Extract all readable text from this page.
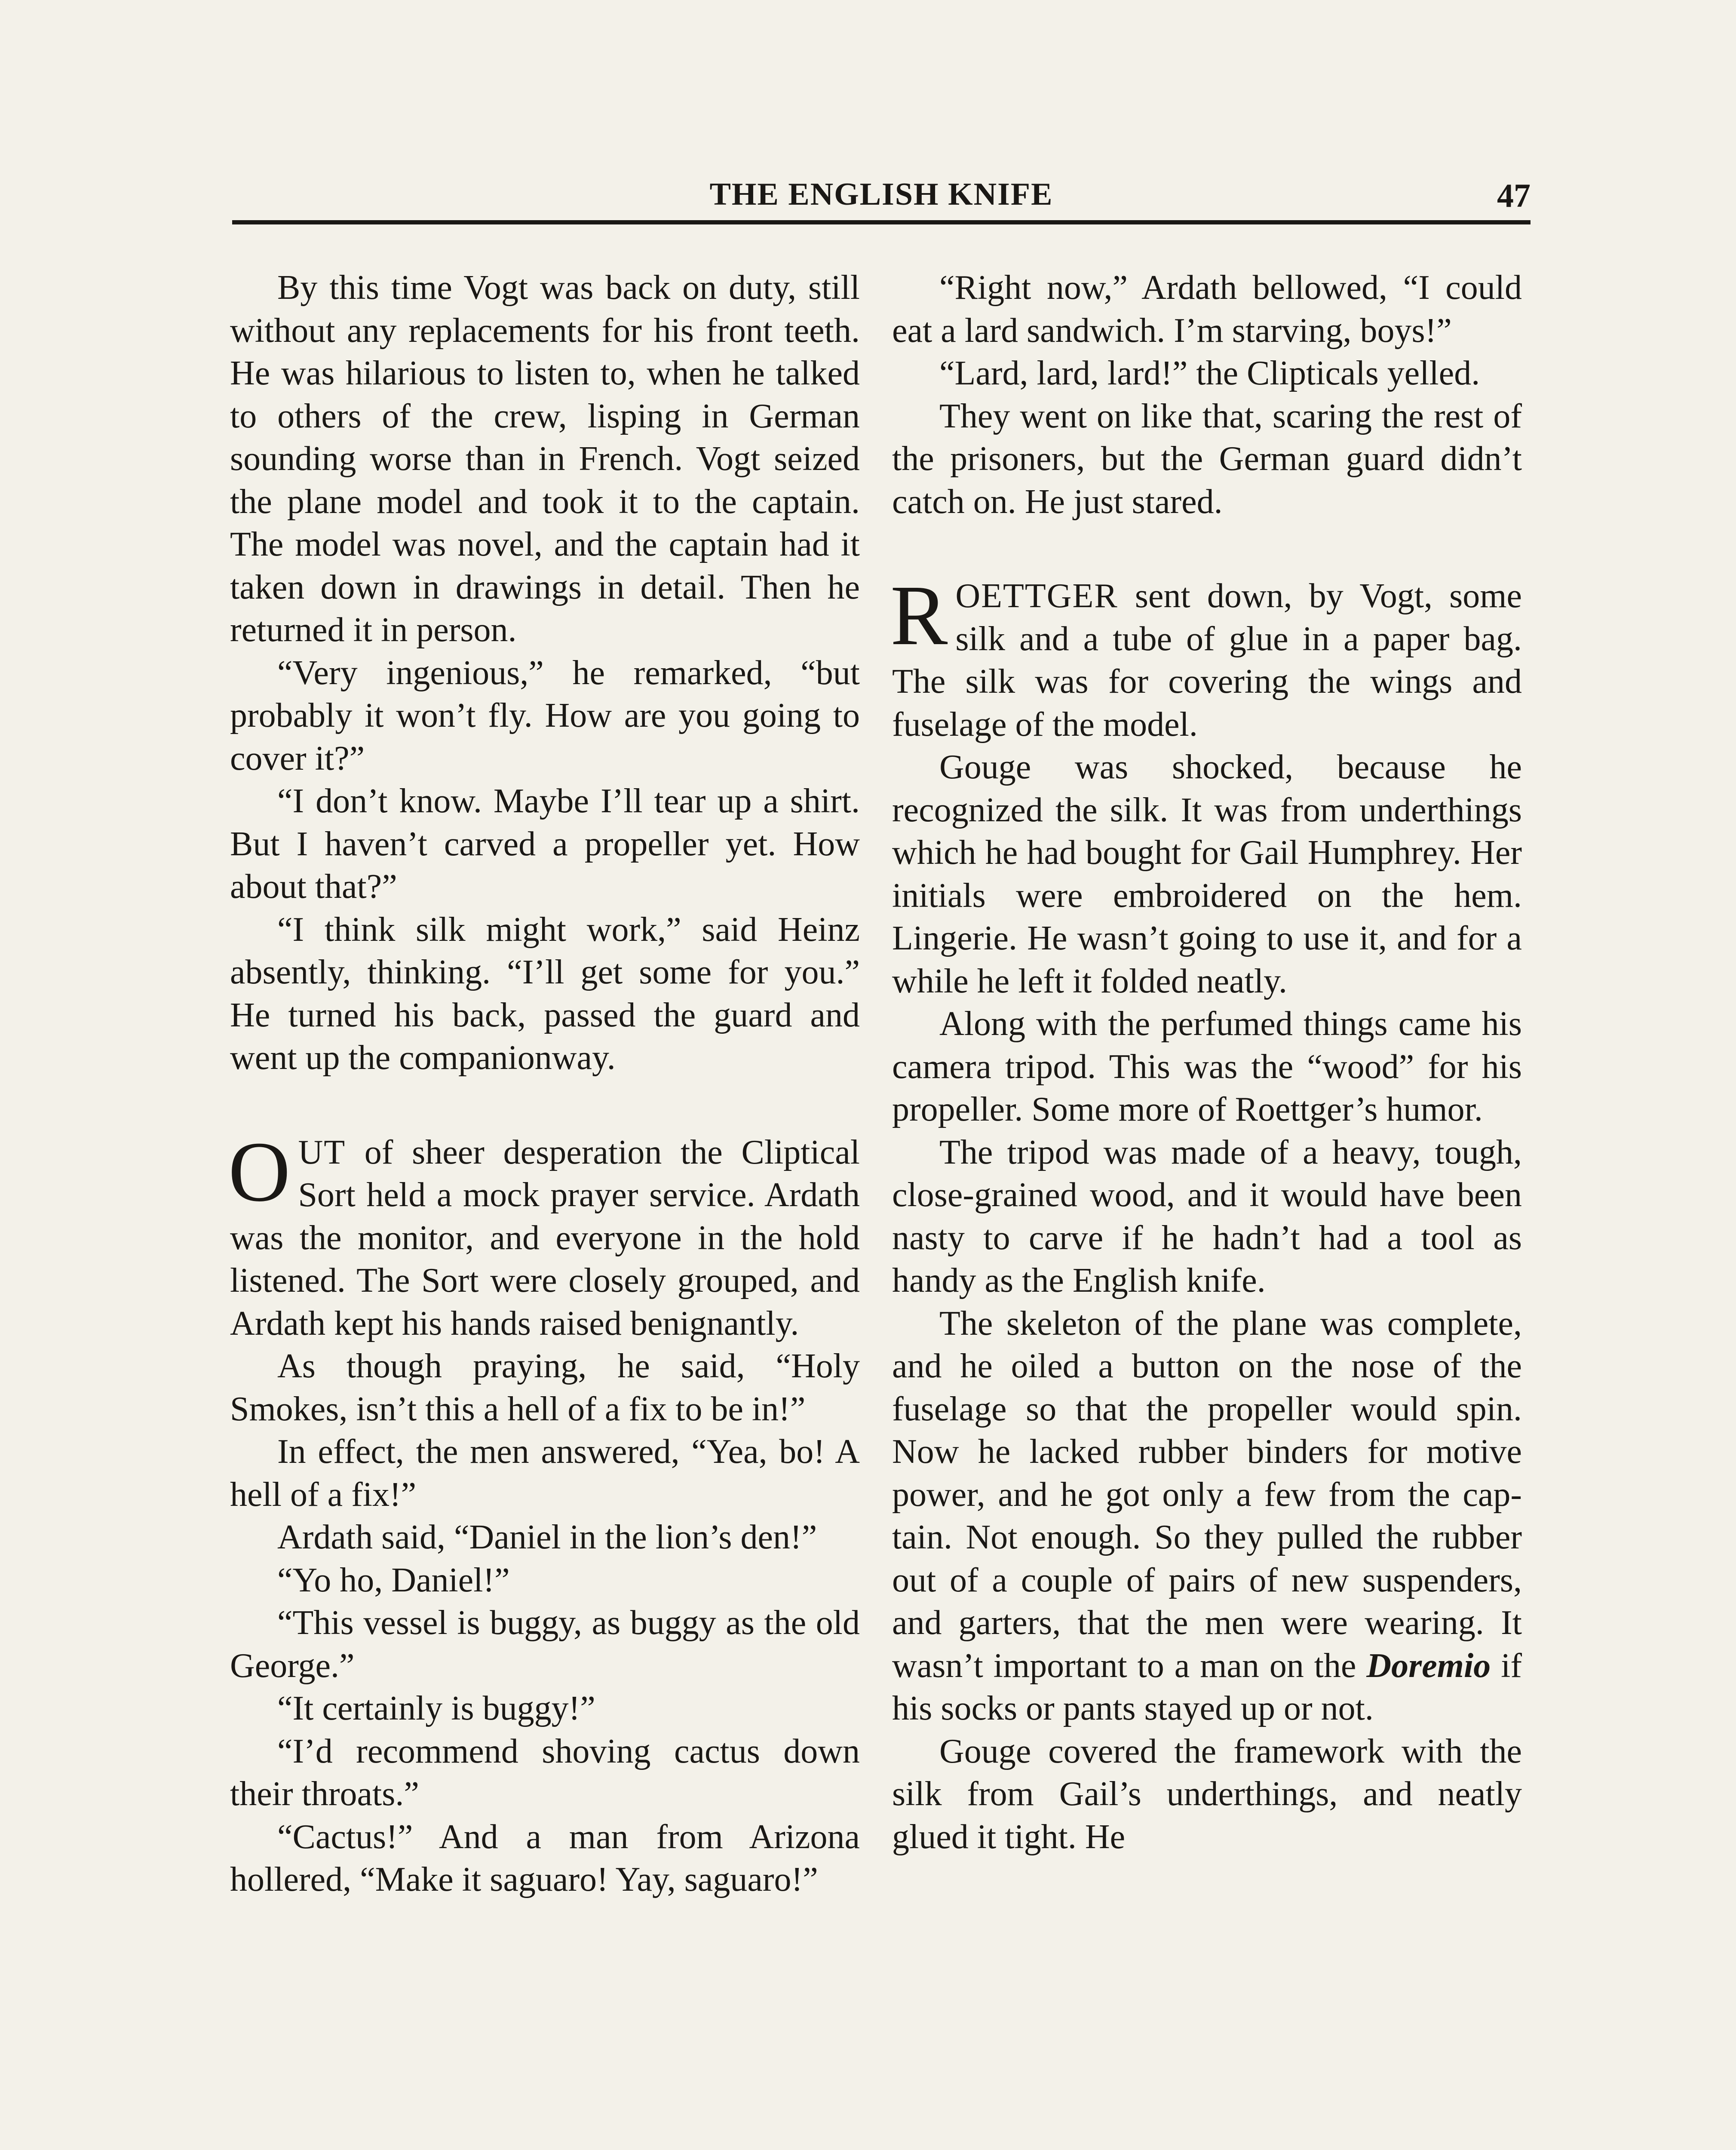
THE ENGLISH KNIFE	47

By this time Vogt was back on duty, still without any replacements for his front teeth. He was hilarious to listen to, when he talked to others of the crew, lisping in German sounding worse than in French. Vogt seized the plane model and took it to the captain. The model was novel, and the captain had it taken down in drawings in detail. Then he returned it in person.

“Very ingenious,” he remarked, “but probably it won’t fly. How are you going to cover it?”

“I don’t know. Maybe I’ll tear up a shirt. But I haven’t carved a propeller yet. How about that?”

“I think silk might work,” said Heinz absently, thinking. “I’ll get some for you.” He turned his back, passed the guard and went up the companionway.

OUT of sheer desperation the Cliptical Sort held a mock prayer service. Ardath was the monitor, and everyone in the hold listened. The Sort were closely grouped, and Ardath kept his hands raised benignantly.

As though praying, he said, “Holy Smokes, isn’t this a hell of a fix to be in!”

In effect, the men answered, “Yea, bo! A hell of a fix!”

Ardath said, “Daniel in the lion’s den!”

“Yo ho, Daniel!”

“This vessel is buggy, as buggy as the old George.”

“It certainly is buggy!”

“I’d recommend shoving cactus down their throats.”

“Cactus!” And a man from Arizona hollered, “Make it saguaro! Yay, saguaro!”

“Right now,” Ardath bellowed, “I could eat a lard sandwich. I’m starving, boys!”

“Lard, lard, lard!” the Clipticals yelled.

They went on like that, scaring the rest of the prisoners, but the German guard didn’t catch on. He just stared.

ROETTGER sent down, by Vogt, some silk and a tube of glue in a paper bag. The silk was for covering the wings and fuselage of the model.

Gouge was shocked, because he recognized the silk. It was from underthings which he had bought for Gail Humphrey. Her initials were embroidered on the hem. Lingerie. He wasn’t going to use it, and for a while he left it folded neatly.

Along with the perfumed things came his camera tripod. This was the “wood” for his propeller. Some more of Roettger’s humor.

The tripod was made of a heavy, tough, close-grained wood, and it would have been nasty to carve if he hadn’t had a tool as handy as the English knife.

The skeleton of the plane was complete, and he oiled a button on the nose of the fuselage so that the propeller would spin. Now he lacked rubber binders for motive power, and he got only a few from the captain. Not enough. So they pulled the rubber out of a couple of pairs of new suspenders, and garters, that the men were wearing. It wasn’t important to a man on the Doremio if his socks or pants stayed up or not.

Gouge covered the framework with the silk from Gail’s underthings, and neatly glued it tight. He
